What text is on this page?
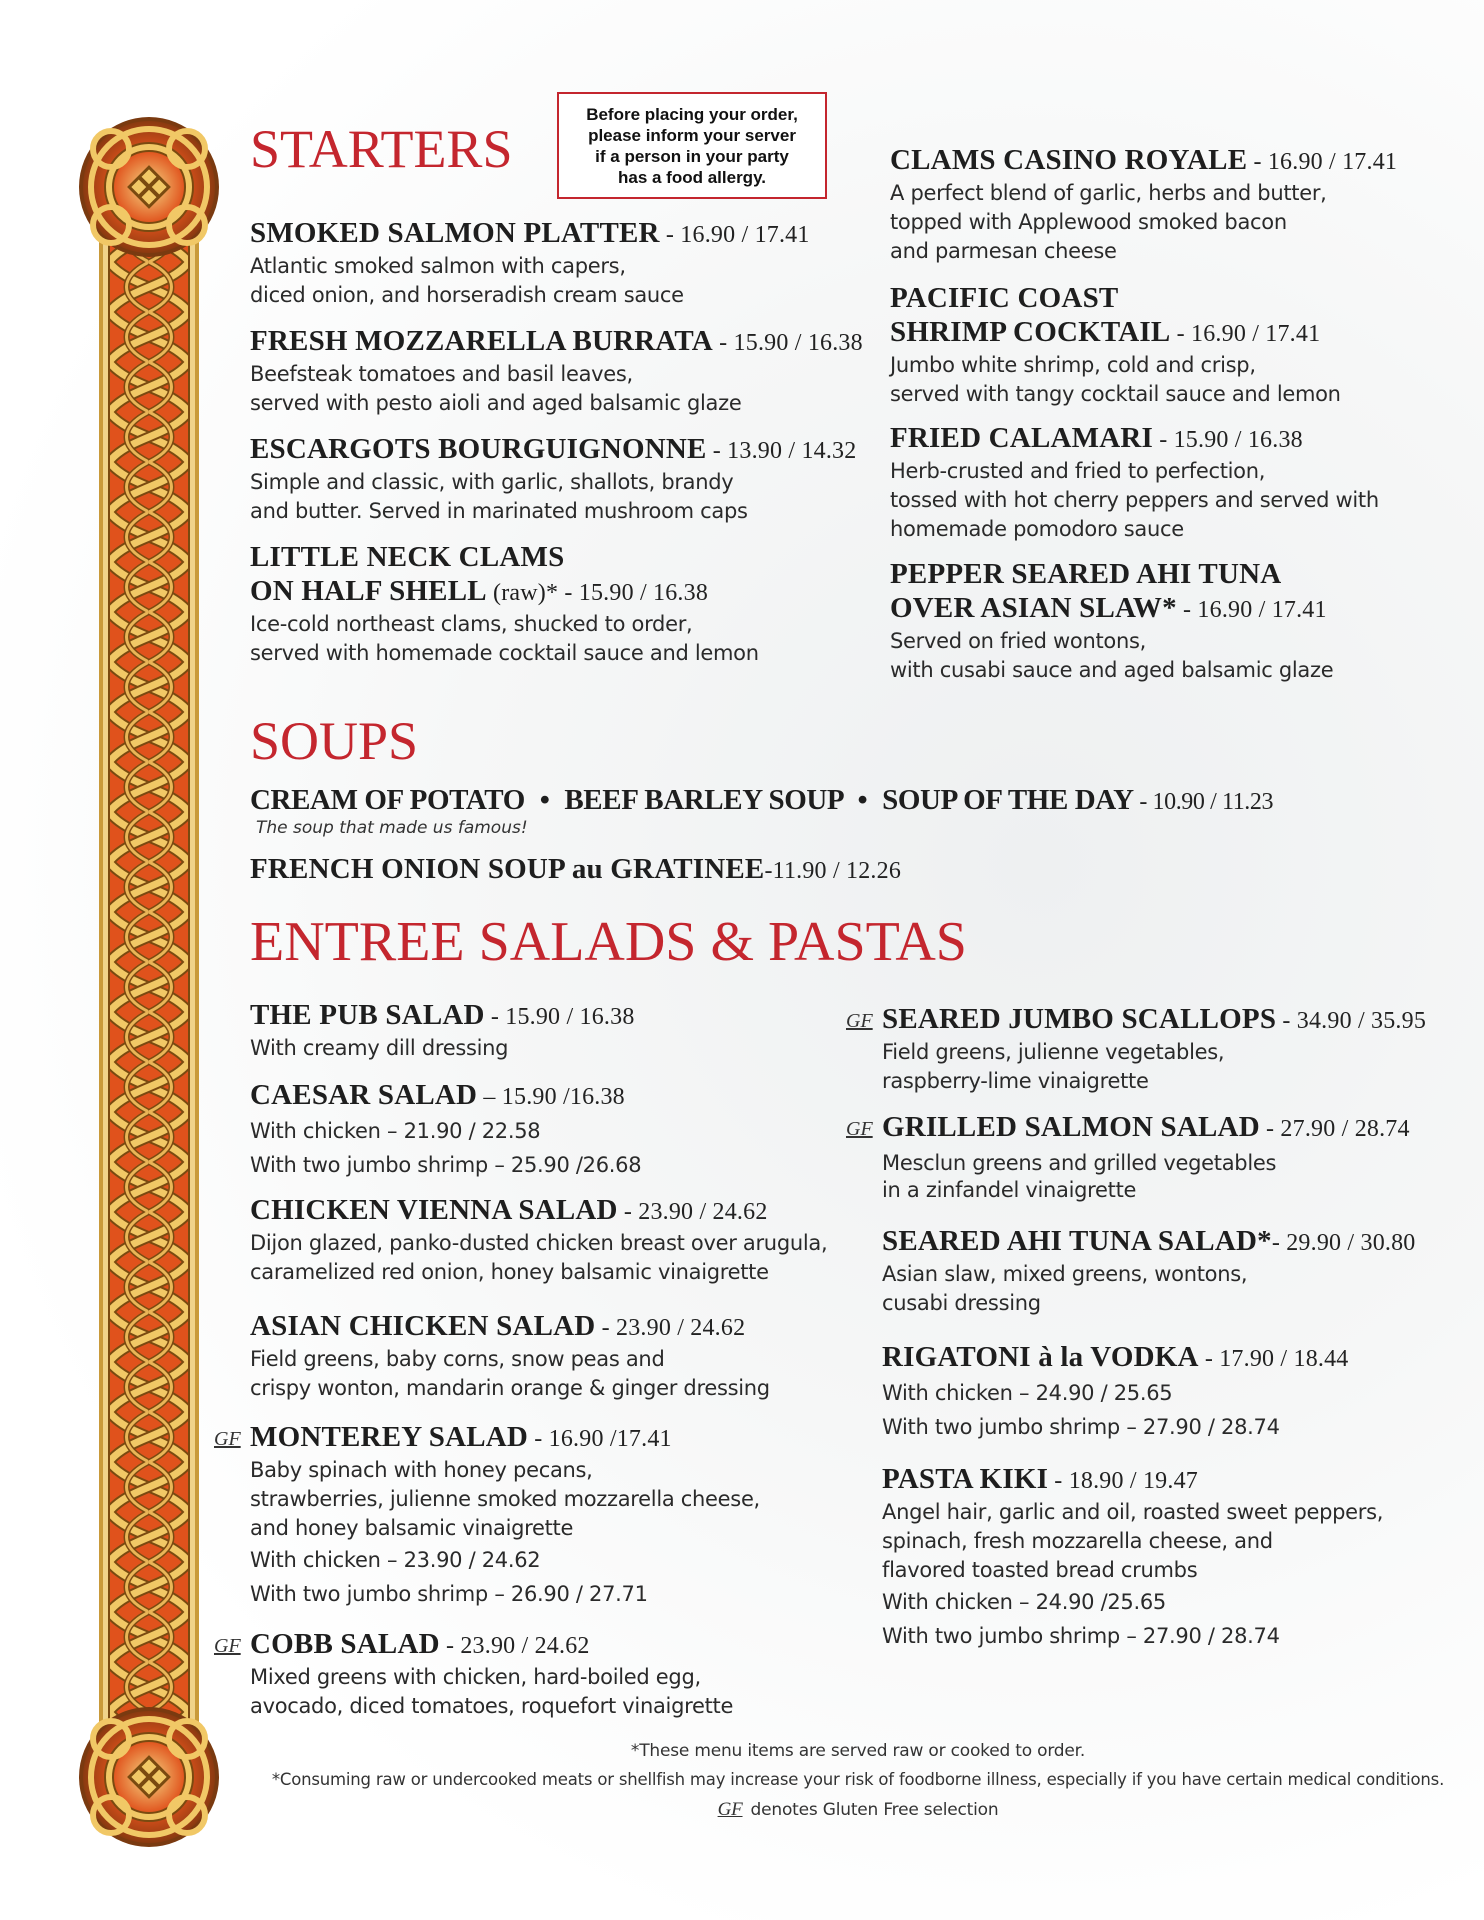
STARTERS
Before placing your order,
please inform your server
if a person in your party
has a food allergy.
SMOKED SALMON PLATTER - 16.90 / 17.41
Atlantic smoked salmon with capers,
diced onion, and horseradish cream sauce
FRESH MOZZARELLA BURRATA - 15.90 / 16.38
Beefsteak tomatoes and basil leaves,
served with pesto aioli and aged balsamic glaze
ESCARGOTS BOURGUIGNONNE - 13.90 / 14.32
Simple and classic, with garlic, shallots, brandy
and butter. Served in marinated mushroom caps
LITTLE NECK CLAMS
ON HALF SHELL (raw)* - 15.90 / 16.38
Ice-cold northeast clams, shucked to order,
served with homemade cocktail sauce and lemon
CLAMS CASINO ROYALE - 16.90 / 17.41
A perfect blend of garlic, herbs and butter,
topped with Applewood smoked bacon
and parmesan cheese
PACIFIC COAST
SHRIMP COCKTAIL - 16.90 / 17.41
Jumbo white shrimp, cold and crisp,
served with tangy cocktail sauce and lemon
FRIED CALAMARI - 15.90 / 16.38
Herb-crusted and fried to perfection,
tossed with hot cherry peppers and served with
homemade pomodoro sauce
PEPPER SEARED AHI TUNA
OVER ASIAN SLAW* - 16.90 / 17.41
Served on fried wontons,
with cusabi sauce and aged balsamic glaze
SOUPS
CREAM OF POTATO • BEEF BARLEY SOUP • SOUP OF THE DAY - 10.90 / 11.23
The soup that made us famous!
FRENCH ONION SOUP au GRATINEE-11.90 / 12.26
ENTREE SALADS & PASTAS
THE PUB SALAD - 15.90 / 16.38
With creamy dill dressing
CAESAR SALAD – 15.90 /16.38
With chicken – 21.90 / 22.58
With two jumbo shrimp – 25.90 /26.68
CHICKEN VIENNA SALAD - 23.90 / 24.62
Dijon glazed, panko-dusted chicken breast over arugula,
caramelized red onion, honey balsamic vinaigrette
ASIAN CHICKEN SALAD - 23.90 / 24.62
Field greens, baby corns, snow peas and
crispy wonton, mandarin orange & ginger dressing
GF MONTEREY SALAD - 16.90 /17.41
Baby spinach with honey pecans,
strawberries, julienne smoked mozzarella cheese,
and honey balsamic vinaigrette
With chicken – 23.90 / 24.62
With two jumbo shrimp – 26.90 / 27.71
GF COBB SALAD - 23.90 / 24.62
Mixed greens with chicken, hard-boiled egg,
avocado, diced tomatoes, roquefort vinaigrette
GF SEARED JUMBO SCALLOPS - 34.90 / 35.95
Field greens, julienne vegetables,
raspberry-lime vinaigrette
GF GRILLED SALMON SALAD - 27.90 / 28.74
Mesclun greens and grilled vegetables
in a zinfandel vinaigrette
SEARED AHI TUNA SALAD*- 29.90 / 30.80
Asian slaw, mixed greens, wontons,
cusabi dressing
RIGATONI à la VODKA - 17.90 / 18.44
With chicken – 24.90 / 25.65
With two jumbo shrimp – 27.90 / 28.74
PASTA KIKI - 18.90 / 19.47
Angel hair, garlic and oil, roasted sweet peppers,
spinach, fresh mozzarella cheese, and
flavored toasted bread crumbs
With chicken – 24.90 /25.65
With two jumbo shrimp – 27.90 / 28.74
*These menu items are served raw or cooked to order.
*Consuming raw or undercooked meats or shellfish may increase your risk of foodborne illness, especially if you have certain medical conditions.
GF denotes Gluten Free selection
